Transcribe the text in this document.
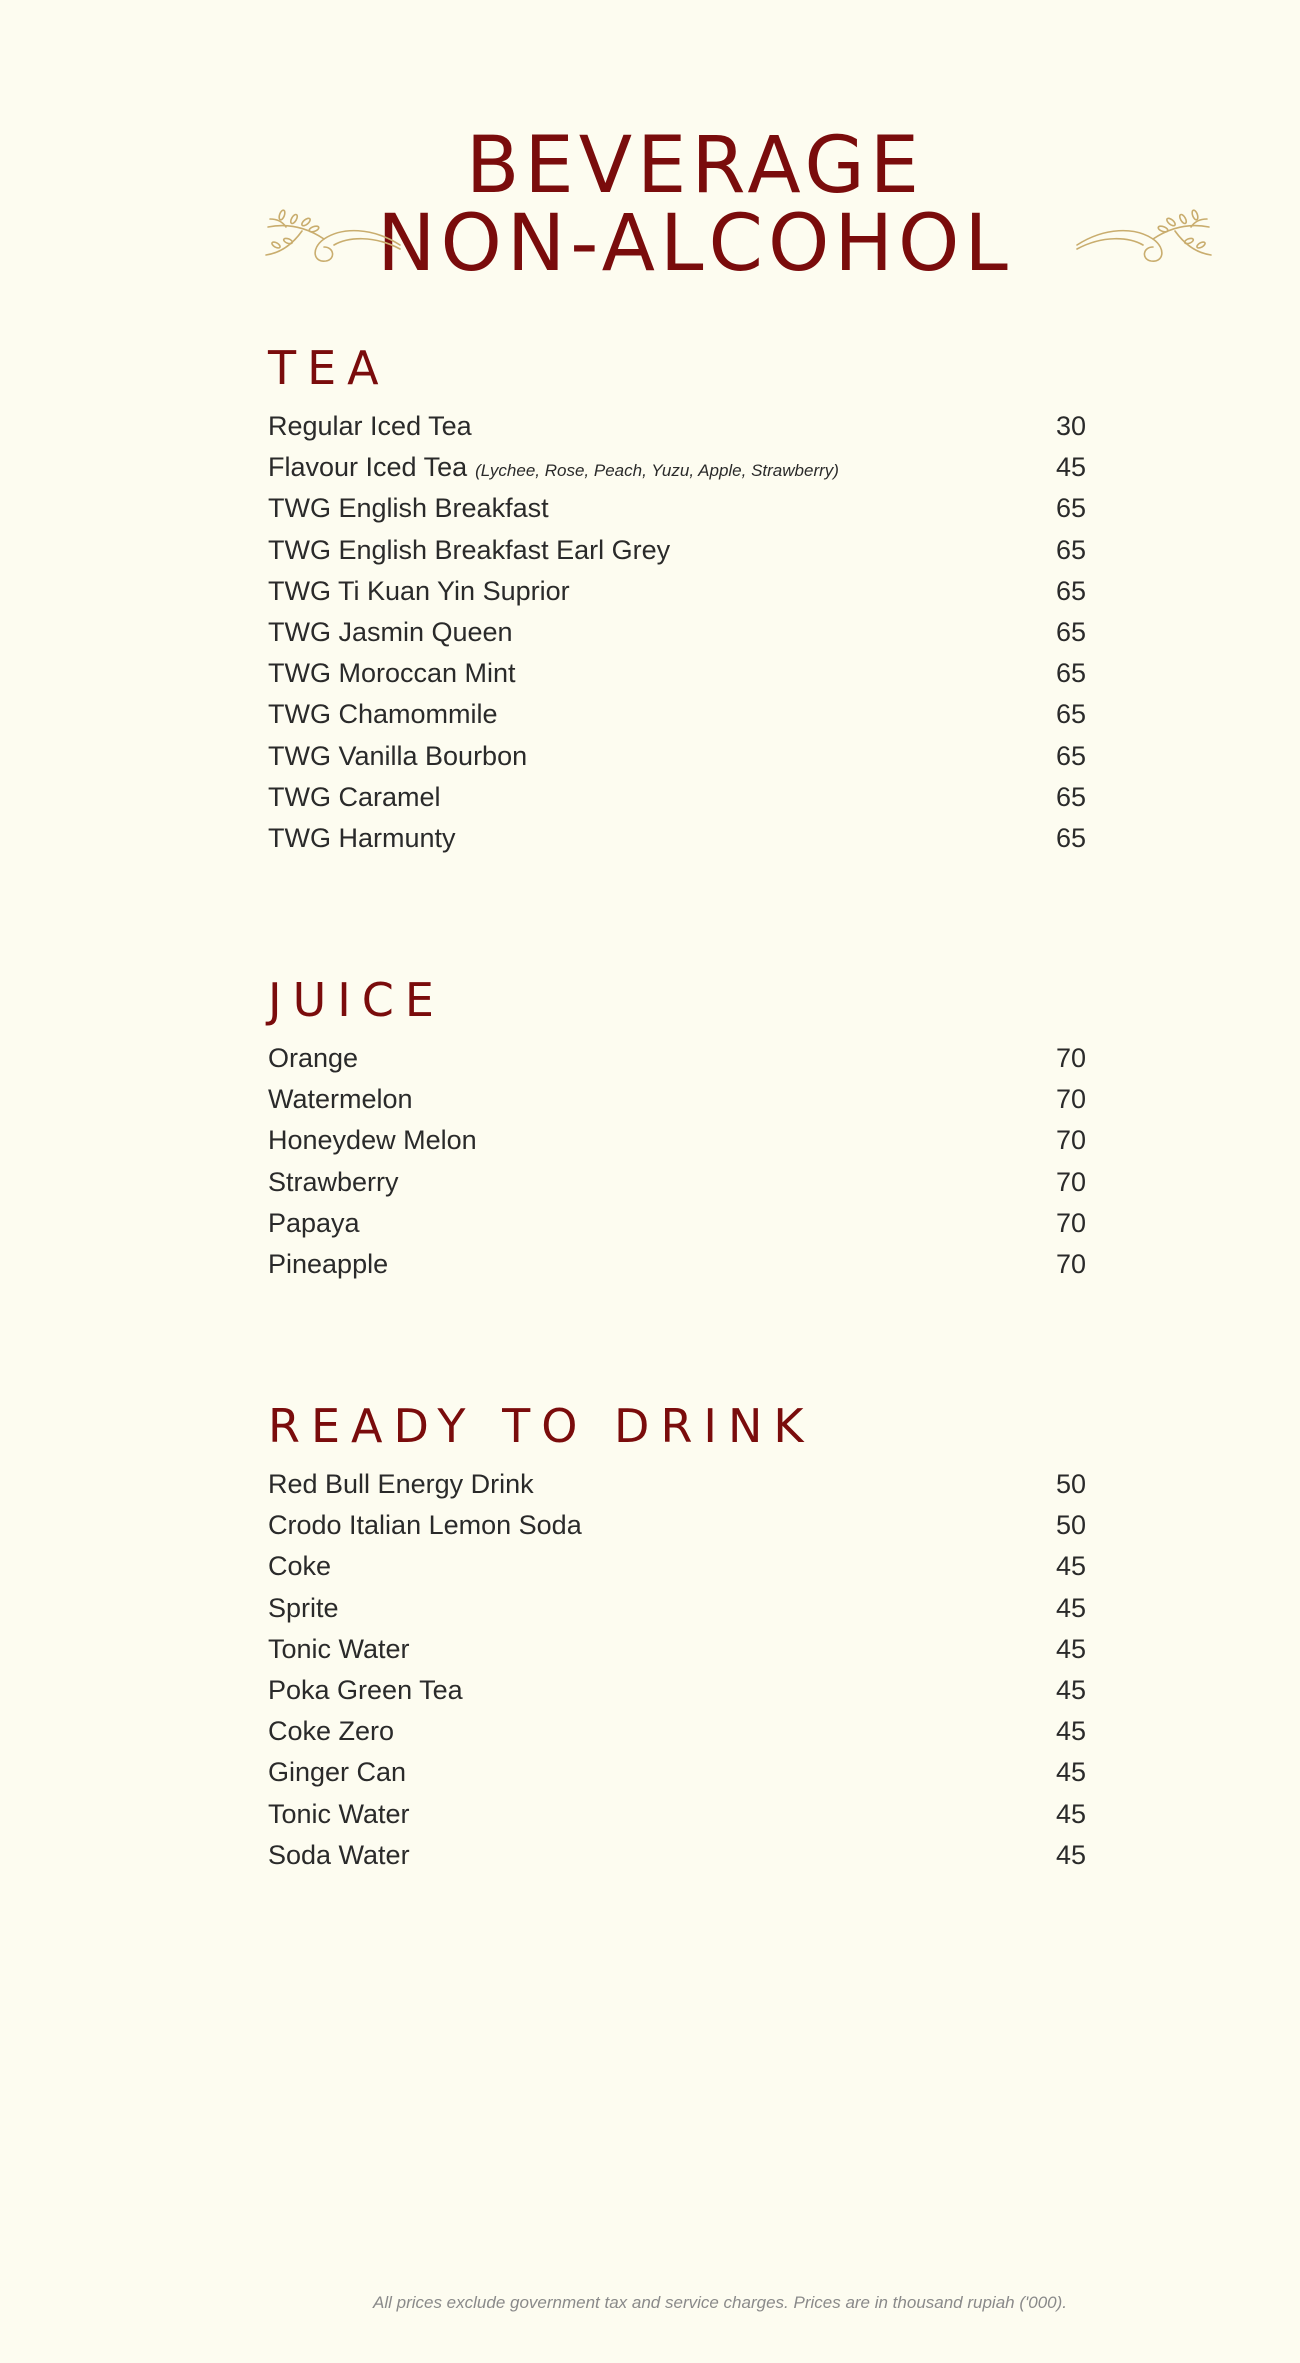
BEVERAGE
NON-ALCOHOL
TEA
Regular Iced Tea	30
Flavour Iced Tea (Lychee, Rose, Peach, Yuzu, Apple, Strawberry)	45
TWG English Breakfast	65
TWG English Breakfast Earl Grey	65
TWG Ti Kuan Yin Suprior	65
TWG Jasmin Queen	65
TWG Moroccan Mint	65
TWG Chamommile	65
TWG Vanilla Bourbon	65
TWG Caramel	65
TWG Harmunty	65
JUICE
Orange	70
Watermelon	70
Honeydew Melon	70
Strawberry	70
Papaya	70
Pineapple	70
READY TO DRINK
Red Bull Energy Drink	50
Crodo Italian Lemon Soda	50
Coke	45
Sprite	45
Tonic Water	45
Poka Green Tea	45
Coke Zero	45
Ginger Can	45
Tonic Water	45
Soda Water	45

All prices exclude government tax and service charges. Prices are in thousand rupiah ('000).
